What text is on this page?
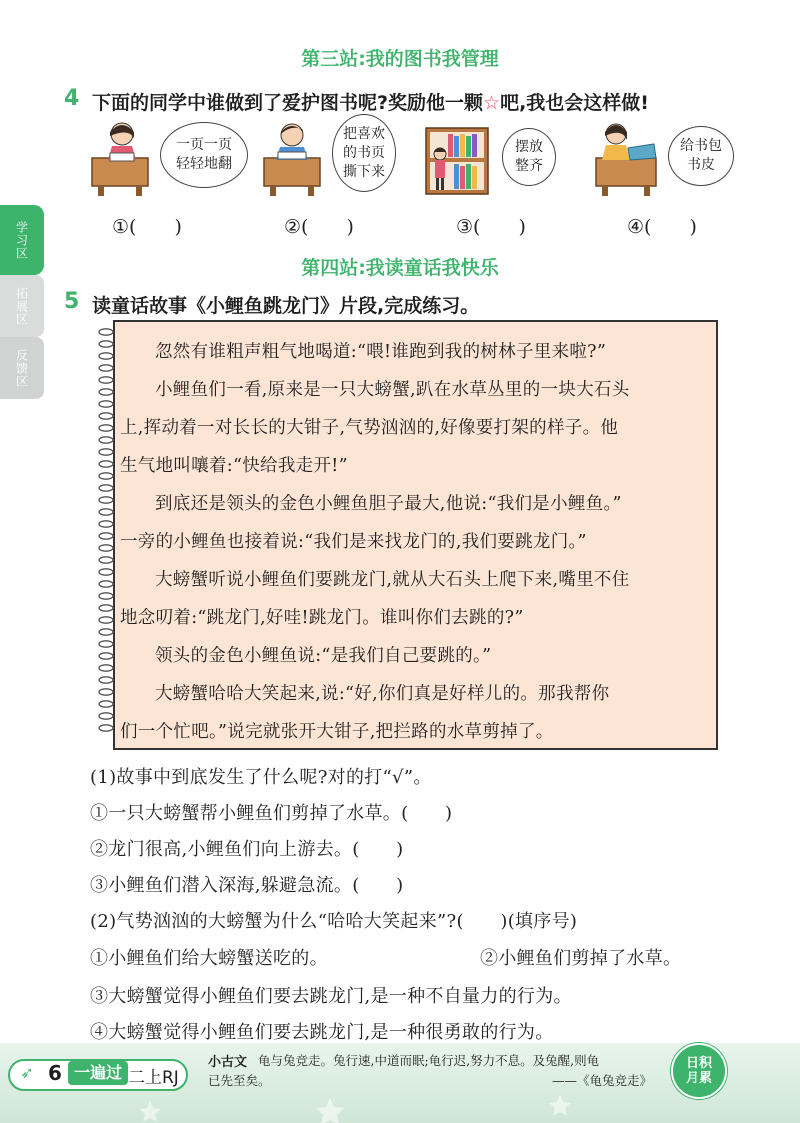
学习区
拓展区
反馈区
第三站:我的图书我管理
4 下面的同学中谁做到了爱护图书呢?奖励他一颗☆吧,我也会这样做!
一页一页
轻轻地翻
把喜欢
的书页
撕下来
摆放
整齐
给书包
书皮
①(　　)	②(　　)	③(　　)	④(　　)
第四站:我读童话我快乐
5 读童话故事《小鲤鱼跳龙门》片段,完成练习。
忽然有谁粗声粗气地喝道:“喂!谁跑到我的树林子里来啦?”
小鲤鱼们一看,原来是一只大螃蟹,趴在水草丛里的一块大石头
上,挥动着一对长长的大钳子,气势汹汹的,好像要打架的样子。他
生气地叫嚷着:“快给我走开!”
到底还是领头的金色小鲤鱼胆子最大,他说:“我们是小鲤鱼。”
一旁的小鲤鱼也接着说:“我们是来找龙门的,我们要跳龙门。”
大螃蟹听说小鲤鱼们要跳龙门,就从大石头上爬下来,嘴里不住
地念叨着:“跳龙门,好哇!跳龙门。谁叫你们去跳的?”
领头的金色小鲤鱼说:“是我们自己要跳的。”
大螃蟹哈哈大笑起来,说:“好,你们真是好样儿的。那我帮你
们一个忙吧。”说完就张开大钳子,把拦路的水草剪掉了。
(1)故事中到底发生了什么呢?对的打“√”。
①一只大螃蟹帮小鲤鱼们剪掉了水草。(　　)
②龙门很高,小鲤鱼们向上游去。(　　)
③小鲤鱼们潜入深海,躲避急流。(　　)
(2)气势汹汹的大螃蟹为什么“哈哈大笑起来”?(　　)(填序号)
①小鲤鱼们给大螃蟹送吃的。	②小鲤鱼们剪掉了水草。
③大螃蟹觉得小鲤鱼们要去跳龙门,是一种不自量力的行为。
④大螃蟹觉得小鲤鱼们要去跳龙门,是一种很勇敢的行为。
➶ 6 一遍过 二上RJ
小古文 龟与兔竞走。兔行速,中道而眠;龟行迟,努力不息。及兔醒,则龟
已先至矣。	——《龟兔竞走》
日积
月累
